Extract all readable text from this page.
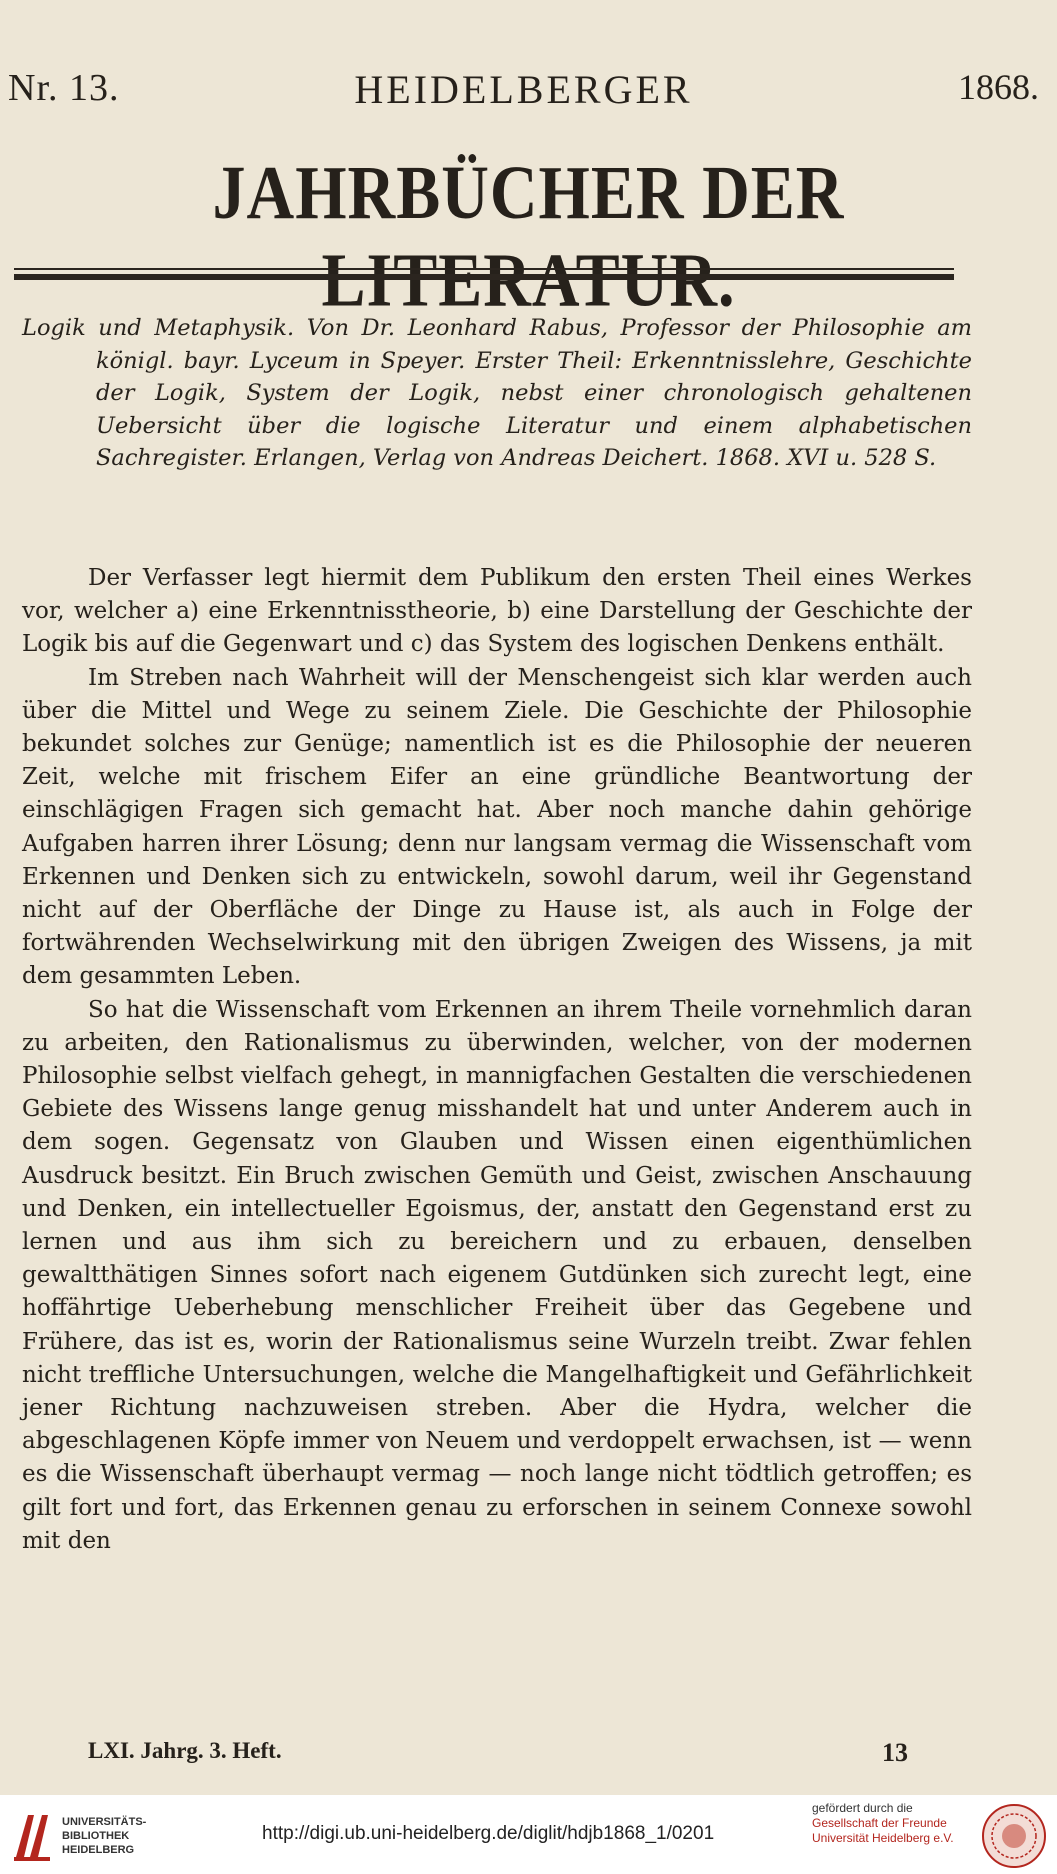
Nr. 13.	HEIDELBERGER	1868.
JAHRBÜCHER DER LITERATUR.

Logik und Metaphysik. Von Dr. Leonhard Rabus, Professor der Philosophie am königl. bayr. Lyceum in Speyer. Erster Theil: Erkenntnisslehre, Geschichte der Logik, System der Logik, nebst einer chronologisch gehaltenen Uebersicht über die logische Literatur und einem alphabetischen Sachregister. Erlangen, Verlag von Andreas Deichert. 1868. XVI u. 528 S.

Der Verfasser legt hiermit dem Publikum den ersten Theil eines Werkes vor, welcher a) eine Erkenntnisstheorie, b) eine Darstellung der Geschichte der Logik bis auf die Gegenwart und c) das System des logischen Denkens enthält.

Im Streben nach Wahrheit will der Menschengeist sich klar werden auch über die Mittel und Wege zu seinem Ziele. Die Geschichte der Philosophie bekundet solches zur Genüge; namentlich ist es die Philosophie der neueren Zeit, welche mit frischem Eifer an eine gründliche Beantwortung der einschlägigen Fragen sich gemacht hat. Aber noch manche dahin gehörige Aufgaben harren ihrer Lösung; denn nur langsam vermag die Wissenschaft vom Erkennen und Denken sich zu entwickeln, sowohl darum, weil ihr Gegenstand nicht auf der Oberfläche der Dinge zu Hause ist, als auch in Folge der fortwährenden Wechselwirkung mit den übrigen Zweigen des Wissens, ja mit dem gesammten Leben.

So hat die Wissenschaft vom Erkennen an ihrem Theile vornehmlich daran zu arbeiten, den Rationalismus zu überwinden, welcher, von der modernen Philosophie selbst vielfach gehegt, in mannigfachen Gestalten die verschiedenen Gebiete des Wissens lange genug misshandelt hat und unter Anderem auch in dem sogen. Gegensatz von Glauben und Wissen einen eigenthümlichen Ausdruck besitzt. Ein Bruch zwischen Gemüth und Geist, zwischen Anschauung und Denken, ein intellectueller Egoismus, der, anstatt den Gegenstand erst zu lernen und aus ihm sich zu bereichern und zu erbauen, denselben gewaltthätigen Sinnes sofort nach eigenem Gutdünken sich zurecht legt, eine hoffährtige Ueberhebung menschlicher Freiheit über das Gegebene und Frühere, das ist es, worin der Rationalismus seine Wurzeln treibt. Zwar fehlen nicht treffliche Untersuchungen, welche die Mangelhaftigkeit und Gefährlichkeit jener Richtung nachzuweisen streben. Aber die Hydra, welcher die abgeschlagenen Köpfe immer von Neuem und verdoppelt erwachsen, ist — wenn es die Wissenschaft überhaupt vermag — noch lange nicht tödtlich getroffen; es gilt fort und fort, das Erkennen genau zu erforschen in seinem Connexe sowohl mit den

LXI. Jahrg. 3. Heft.	13
UNIVERSITÄTS-
BIBLIOTHEK
HEIDELBERG
http://digi.ub.uni-heidelberg.de/diglit/hdjb1868_1/0201
gefördert durch die
Gesellschaft der Freunde
Universität Heidelberg e.V.
